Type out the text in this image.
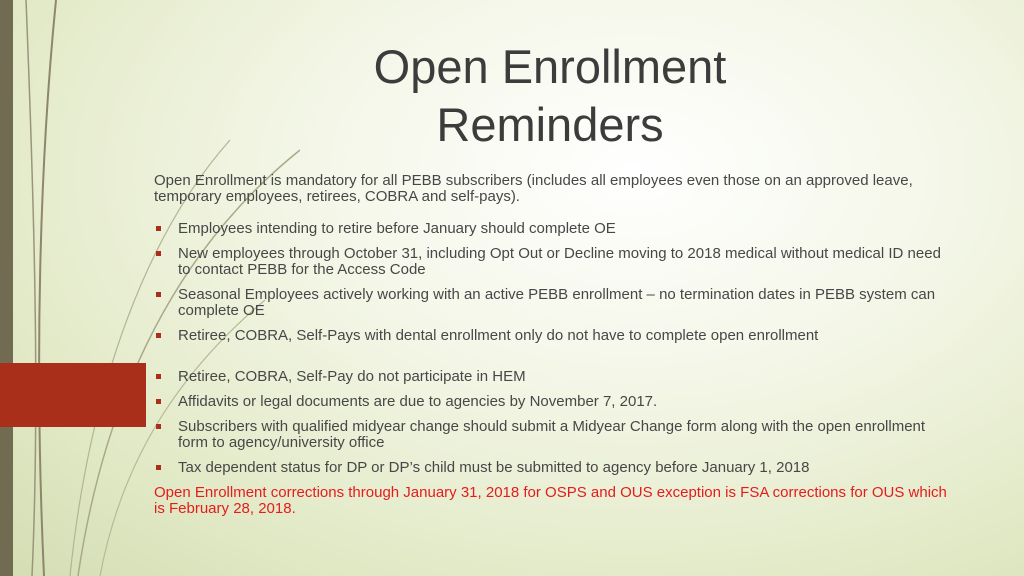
Open Enrollment
Reminders

Open Enrollment is mandatory for all PEBB subscribers (includes all employees even those on an approved leave, temporary employees, retirees, COBRA and self-pays).

Employees intending to retire before January should complete OE
New employees through October 31, including Opt Out or Decline moving to 2018 medical without medical ID need to contact PEBB for the Access Code
Seasonal Employees actively working with an active PEBB enrollment – no termination dates in PEBB system can complete OE
Retiree, COBRA, Self-Pays with dental enrollment only do not have to complete open enrollment
Retiree, COBRA, Self-Pay do not participate in HEM
Affidavits or legal documents are due to agencies by November 7, 2017.
Subscribers with qualified midyear change should submit a Midyear Change form along with the open enrollment form to agency/university office
Tax dependent status for DP or DP’s child must be submitted to agency before January 1, 2018

Open Enrollment corrections through January 31, 2018 for OSPS and OUS exception is FSA corrections for OUS which is February 28, 2018.
